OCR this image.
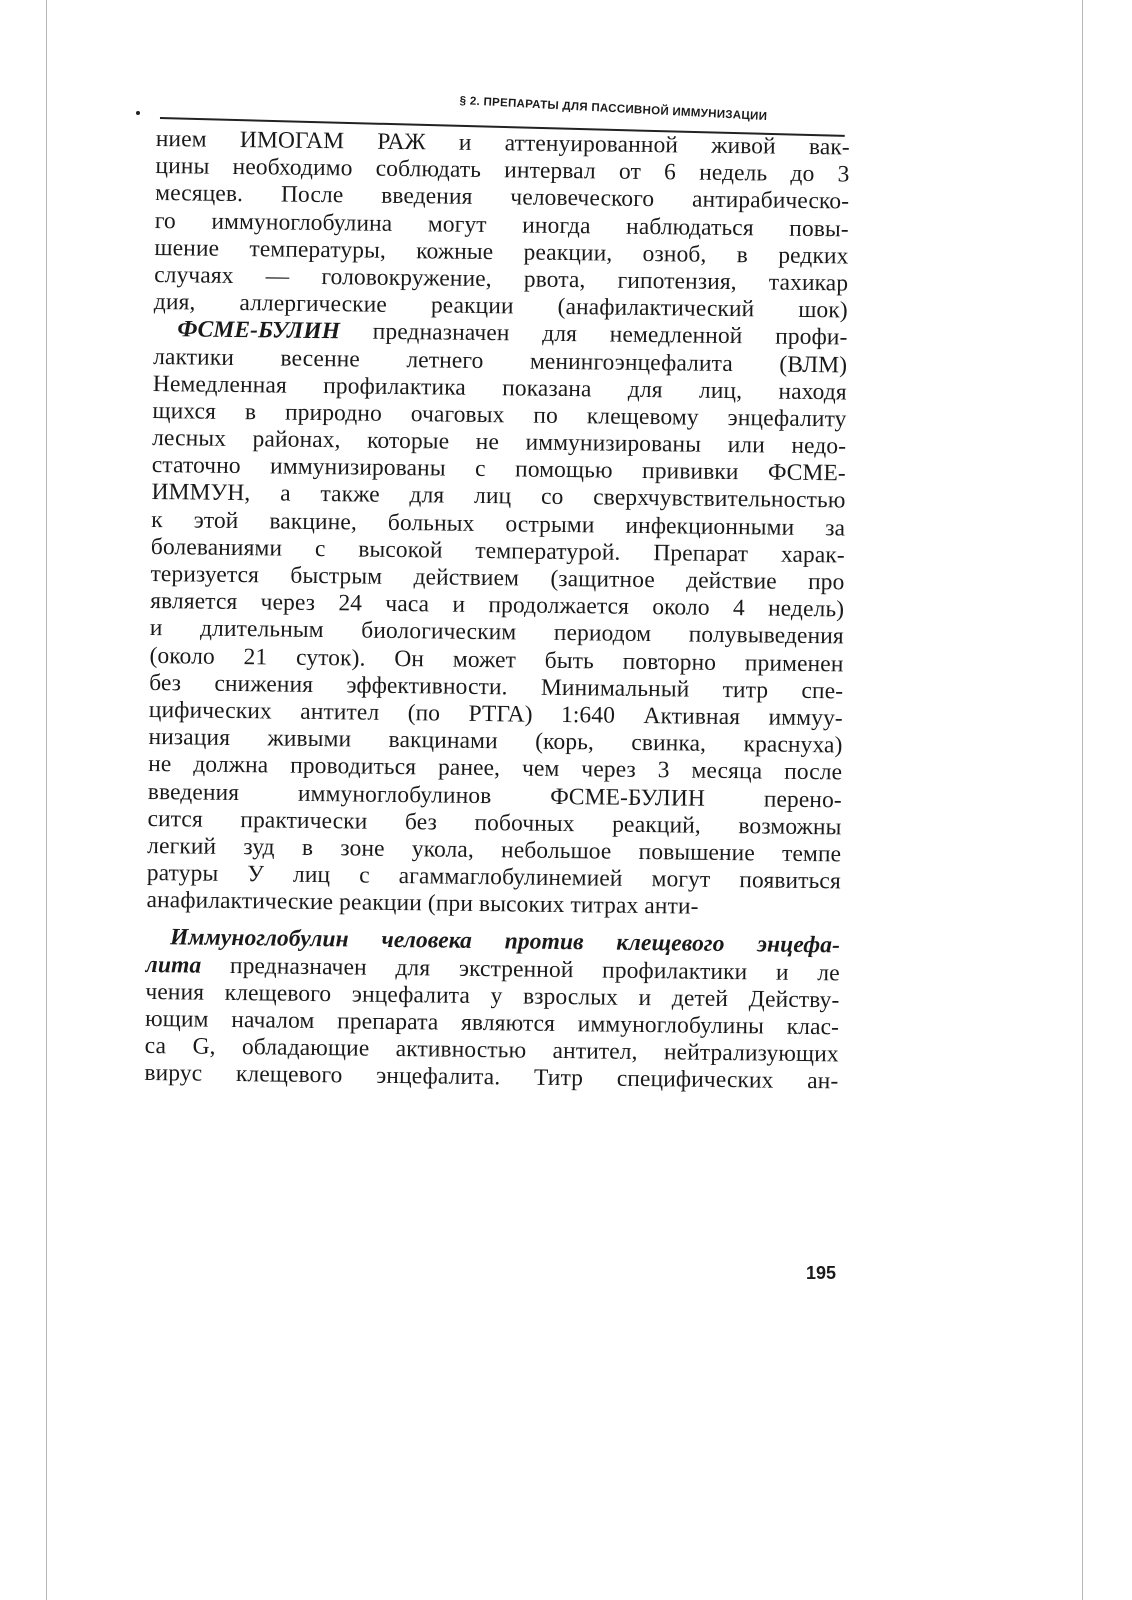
§ 2. ПРЕПАРАТЫ ДЛЯ ПАССИВНОЙ ИММУНИЗАЦИИ
нием ИМОГАМ РАЖ и аттенуированной живой вак-
цины необходимо соблюдать интервал от 6 недель до 3
месяцев. После введения человеческого антирабическо-
го иммуноглобулина могут иногда наблюдаться повы-
шение температуры, кожные реакции, озноб, в редких
случаях — головокружение, рвота, гипотензия, тахикар
дия, аллергические реакции (анафилактический шок)
ФСМЕ-БУЛИН предназначен для немедленной профи-
лактики весенне летнего менингоэнцефалита (ВЛМ)
Немедленная профилактика показана для лиц, находя
щихся в природно очаговых по клещевому энцефалиту
лесных районах, которые не иммунизированы или недо-
статочно иммунизированы с помощью прививки ФСМЕ-
ИММУН, а также для лиц со сверхчувствительностью
к этой вакцине, больных острыми инфекционными за
болеваниями с высокой температурой. Препарат харак-
теризуется быстрым действием (защитное действие про
является через 24 часа и продолжается около 4 недель)
и длительным биологическим периодом полувыведения
(около 21 суток). Он может быть повторно применен
без снижения эффективности. Минимальный титр спе-
цифических антител (по РТГА) 1:640 Активная иммуу-
низация живыми вакцинами (корь, свинка, краснуха)
не должна проводиться ранее, чем через 3 месяца после
введения иммуноглобулинов ФСМЕ-БУЛИН перено-
сится практически без побочных реакций, возможны
легкий зуд в зоне укола, небольшое повышение темпе
ратуры У лиц с агаммаглобулинемией могут появиться
анафилактические реакции (при высоких титрах анти-
Иммуноглобулин человека против клещевого энцефа-
лита предназначен для экстренной профилактики и ле
чения клещевого энцефалита у взрослых и детей Действу-
ющим началом препарата являются иммуноглобулины клас-
са G, обладающие активностью антител, нейтрализующих
вирус клещевого энцефалита. Титр специфических ан-
195
